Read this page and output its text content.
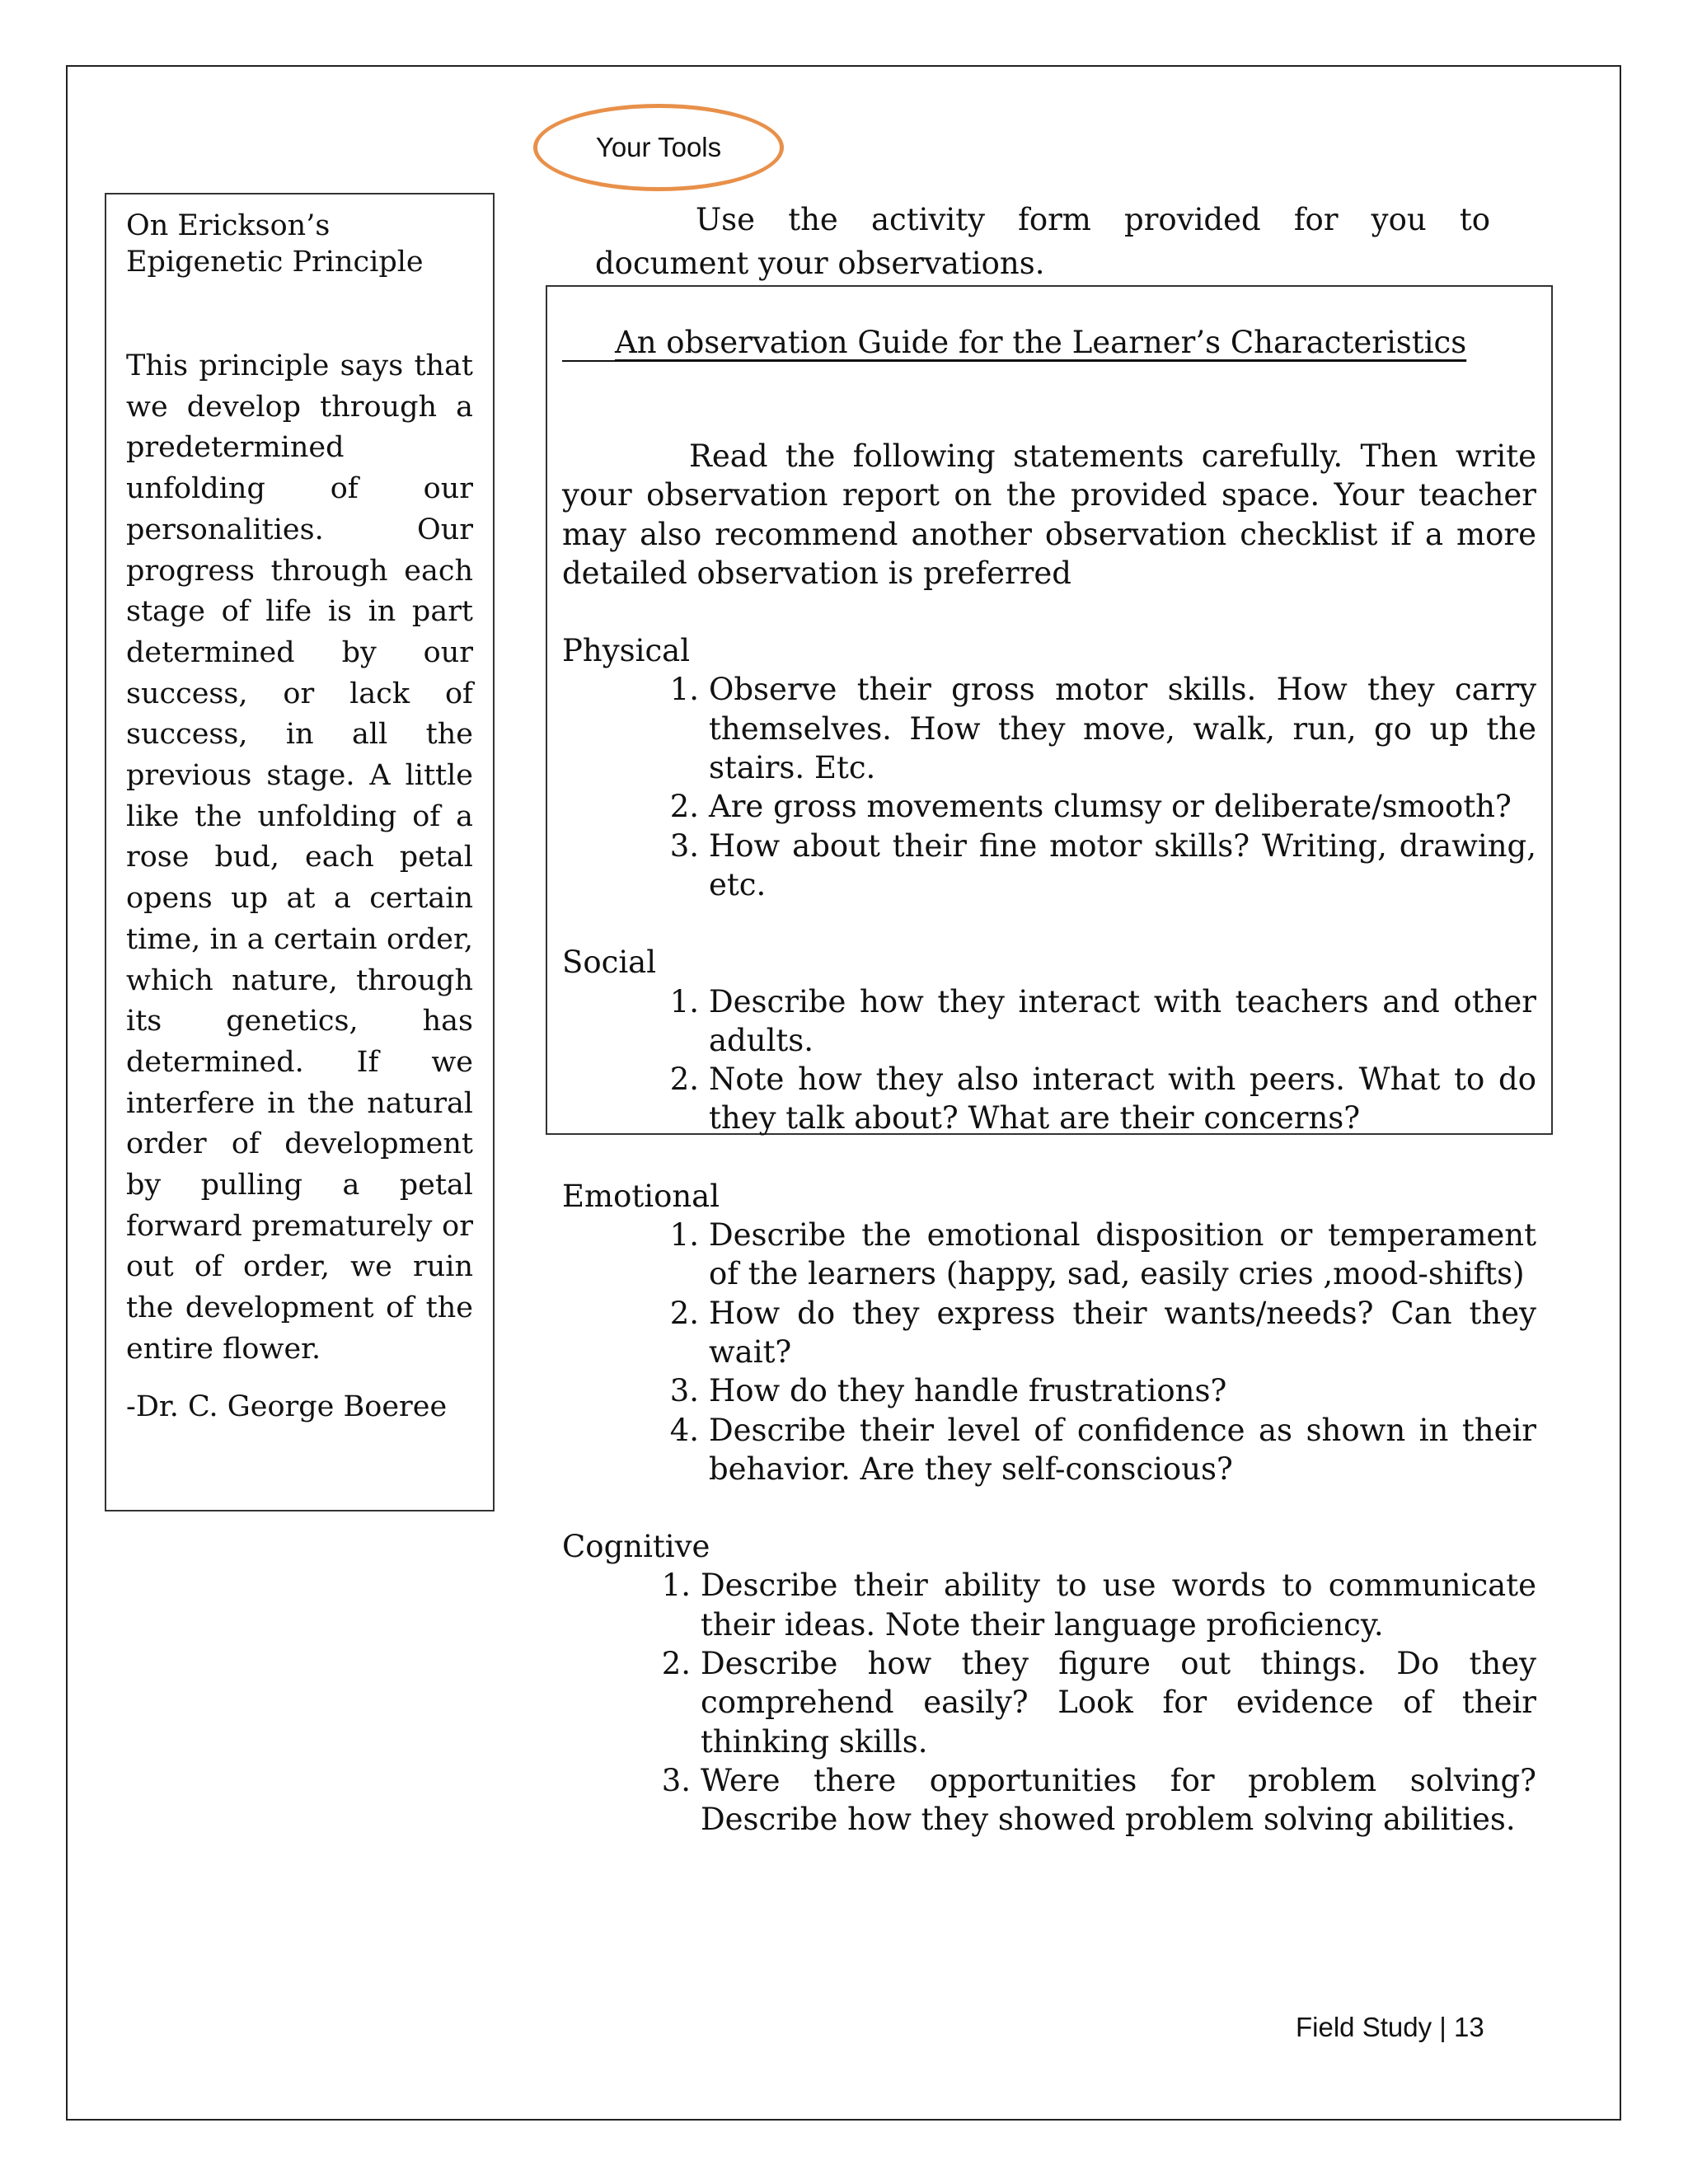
Your Tools

On Erickson’s Epigenetic Principle

This principle says that we develop through a predetermined unfolding of our personalities. Our progress through each stage of life is in part determined by our success, or lack of success, in all the previous stage. A little like the unfolding of a rose bud, each petal opens up at a certain time, in a certain order, which nature, through its genetics, has determined. If we interfere in the natural order of development by pulling a petal forward prematurely or out of order, we ruin the development of the entire flower.

-Dr. C. George Boeree

Use the activity form provided for you to

document your observations.

An observation Guide for the Learner’s Characteristics

Read the following statements carefully. Then write your observation report on the provided space. Your teacher may also recommend another observation checklist if a more detailed observation is preferred

Physical

1. Observe their gross motor skills. How they carry themselves. How they move, walk, run, go up the stairs. Etc.
2. Are gross movements clumsy or deliberate/smooth?
3. How about their fine motor skills? Writing, drawing, etc.

Social

1. Describe how they interact with teachers and other adults.
2. Note how they also interact with peers. What to do they talk about? What are their concerns?

Emotional

1. Describe the emotional disposition or temperament of the learners (happy, sad, easily cries ,mood-shifts)
2. How do they express their wants/needs? Can they wait?
3. How do they handle frustrations?
4. Describe their level of confidence as shown in their behavior. Are they self-conscious?

Cognitive

1. Describe their ability to use words to communicate their ideas. Note their language proficiency.
2. Describe how they figure out things. Do they comprehend easily? Look for evidence of their thinking skills.
3. Were there opportunities for problem solving? Describe how they showed problem solving abilities.
Field Study | 13
